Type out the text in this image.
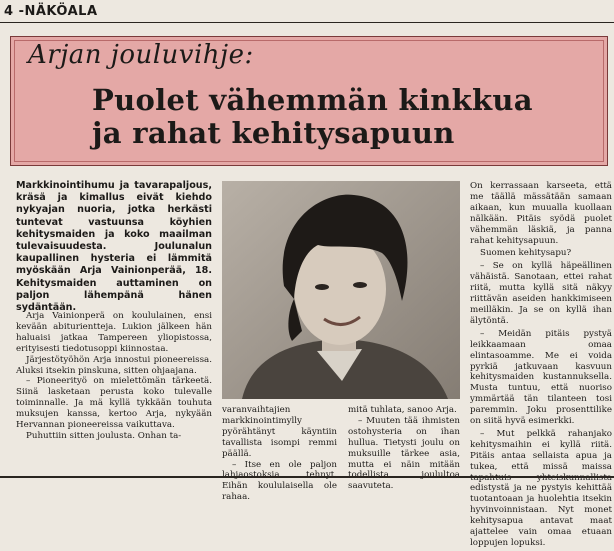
4 -NÄKÖALA
Arjan jouluvihje:
Puolet vähemmän kinkkua
ja rahat kehitysapuun

Markkinointihumu ja tavarapaljous, kräsä ja kimallus eivät kiehdo nykyajan nuoria, jotka herkästi tuntevat vastuunsa köyhien kehitysmaiden ja koko maailman tulevaisuudesta. Joulunalun kaupallinen hysteria ei lämmitä myöskään Arja Vainionperää, 18. Kehitysmaiden auttaminen on paljon lähempänä hänen sydäntään.

Arja Vainionperä on koululainen, ensi kevään abiturientteja. Lukion jälkeen hän haluaisi jatkaa Tampereen yliopistossa, erityisesti tiedotusoppi kiinnostaa.

Järjestötyöhön Arja innostui pioneereissa. Aluksi itsekin pinskuna, sitten ohjaajana.

– Pioneerityö on mielettömän tärkeetä. Siinä lasketaan perusta koko tulevalle toiminnalle. Ja mä kyllä tykkään touhuta muksujen kanssa, kertoo Arja, nykyään Hervannan pioneereissa vaikuttava.

Puhuttiin sitten joulusta. Onhan ta-

varanvaihtajien markkinointimylly pyörähtänyt käyntiin tavallista isompi remmi päällä.

– Itse en ole paljon lahjaostoksia tehnyt. Eihän koululaisella ole rahaa.

mitä tuhlata, sanoo Arja.

– Muuten tää ihmisten ostohysteria on ihan hullua. Tietysti joulu on muksuille tärkee asia, mutta ei näin mitään todellista joulultoa saavuteta.

On kerrassaan karseeta, että me täällä mässätään samaan aikaan, kun muualla kuollaan nälkään. Pitäis syödä puolet vähemmän läskiä, ja panna rahat kehitysapuun.

Suomen kehitysapu?

– Se on kyllä häpeällinen vähäistä. Sanotaan, ettei rahat riitä, mutta kyllä sitä näkyy riittävän aseiden hankkimiseen meilläkin. Ja se on kyllä ihan älytöntä.

– Meidän pitäis pystyä leikkaamaan omaa elintasoamme. Me ei voida pyrkiä jatkuvaan kasvuun kehitysmaiden kustannuksella. Musta tuntuu, että nuoriso ymmärtää tän tilanteen tosi paremmin. Joku prosenttilike on siitä hyvä esimerkki.

– Mut pelkkä rahanjako kehitysmaihin ei kyllä riitä. Pitäis antaa sellaista apua ja tukea, että missä maissa tapahtuis yhteiskunnallista edistystä ja ne pystyis kehittää tuotantoaan ja huolehtia itsekin hyvinvoinnistaan. Nyt monet kehitysapua antavat maat ajattelee vain omaa etuaan loppujen lopuksi.
